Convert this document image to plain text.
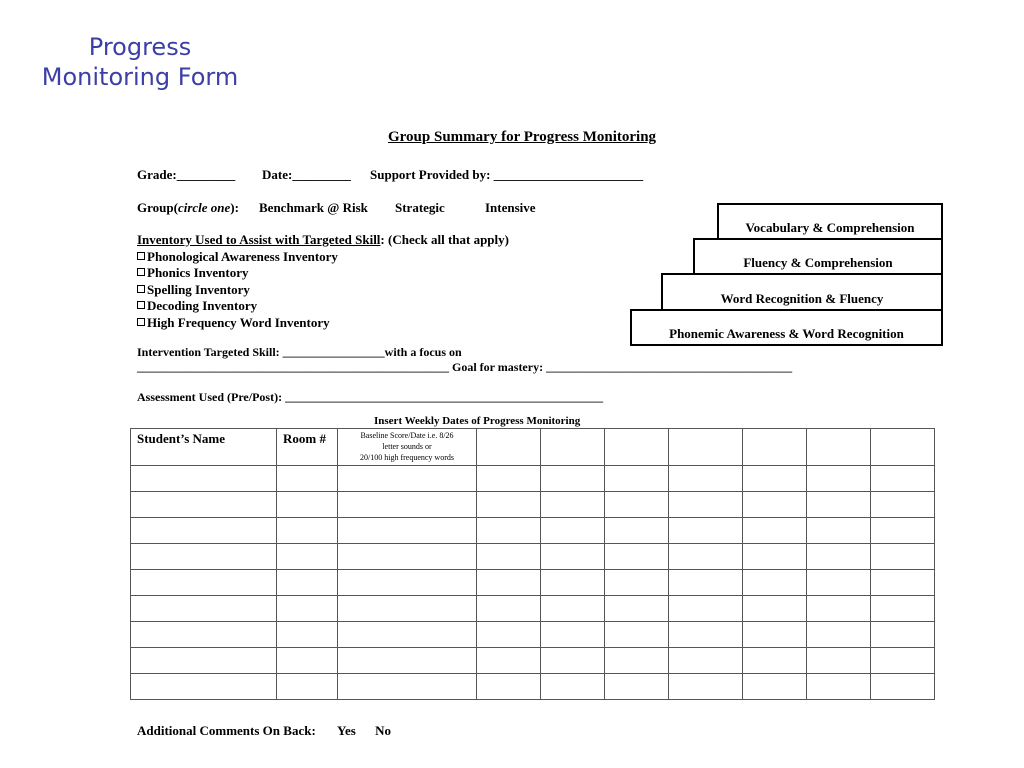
Progress
Monitoring Form
Group Summary for Progress Monitoring
Grade:_________ Date:_________ Support Provided by: _______________________
Group(circle one): Benchmark @ Risk Strategic	Intensive
Inventory Used to Assist with Targeted Skill: (Check all that apply)
Phonological Awareness Inventory
Phonics Inventory
Spelling Inventory
Decoding Inventory
High Frequency Word Inventory
Vocabulary & Comprehension
Fluency & Comprehension
Word Recognition & Fluency
Phonemic Awareness & Word Recognition
Intervention Targeted Skill: _________________with a focus on
____________________________________________________ Goal for mastery: _________________________________________
Assessment Used (Pre/Post): _____________________________________________________
Insert Weekly Dates of Progress Monitoring
Student’s Name	Room #	Baseline Score/Date i.e. 8/26
letter sounds or
20/100 high frequency words							

Additional Comments On Back: Yes No
